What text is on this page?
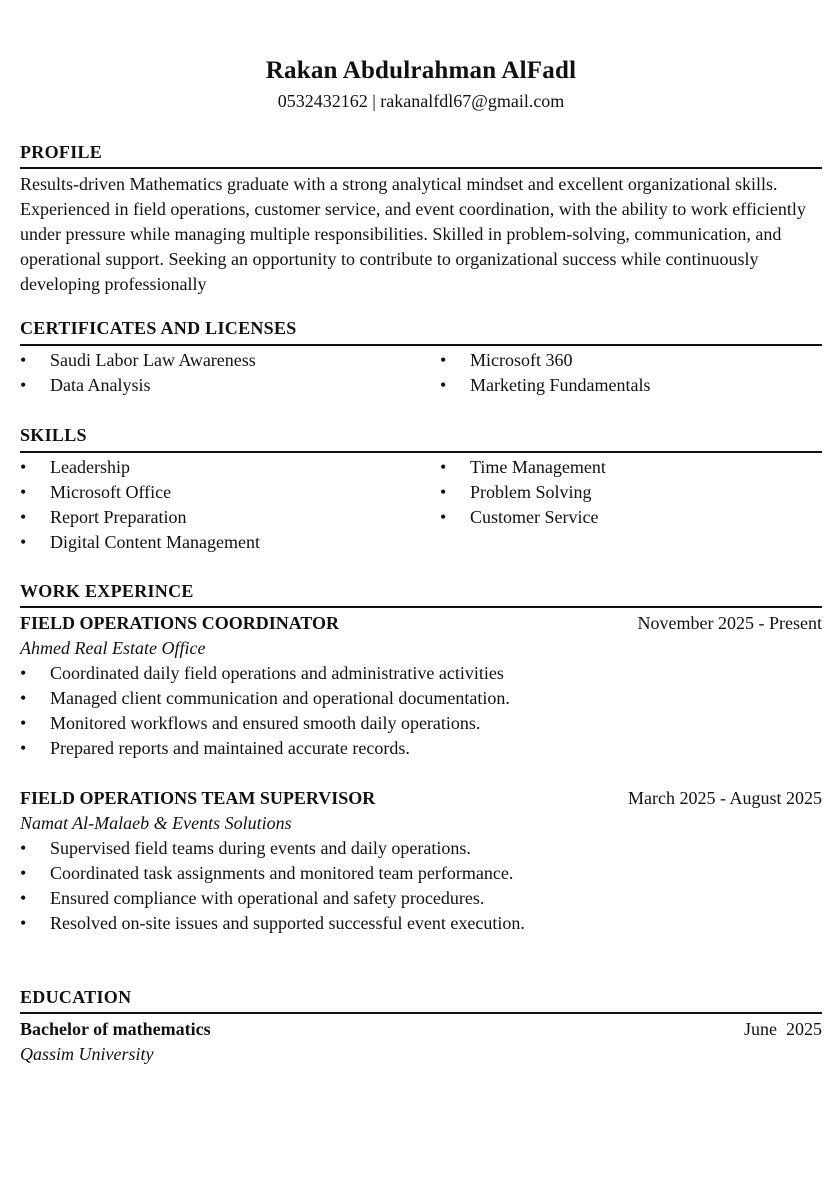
Rakan Abdulrahman AlFadl
0532432162 | rakanalfdl67@gmail.com
PROFILE
Results-driven Mathematics graduate with a strong analytical mindset and excellent organizational skills. Experienced in field operations, customer service, and event coordination, with the ability to work efficiently under pressure while managing multiple responsibilities. Skilled in problem-solving, communication, and operational support. Seeking an opportunity to contribute to organizational success while continuously developing professionally
CERTIFICATES AND LICENSES
• Saudi Labor Law Awareness
• Data Analysis
• Microsoft 360
• Marketing Fundamentals
SKILLS
• Leadership
• Microsoft Office
• Report Preparation
• Digital Content Management
• Time Management
• Problem Solving
• Customer Service
WORK EXPERINCE
FIELD OPERATIONS COORDINATOR	November 2025 - Present
Ahmed Real Estate Office
• Coordinated daily field operations and administrative activities
• Managed client communication and operational documentation.
• Monitored workflows and ensured smooth daily operations.
• Prepared reports and maintained accurate records.
FIELD OPERATIONS TEAM SUPERVISOR	March 2025 - August 2025
Namat Al-Malaeb & Events Solutions
• Supervised field teams during events and daily operations.
• Coordinated task assignments and monitored team performance.
• Ensured compliance with operational and safety procedures.
• Resolved on-site issues and supported successful event execution.
EDUCATION
Bachelor of mathematics	June  2025
Qassim University
